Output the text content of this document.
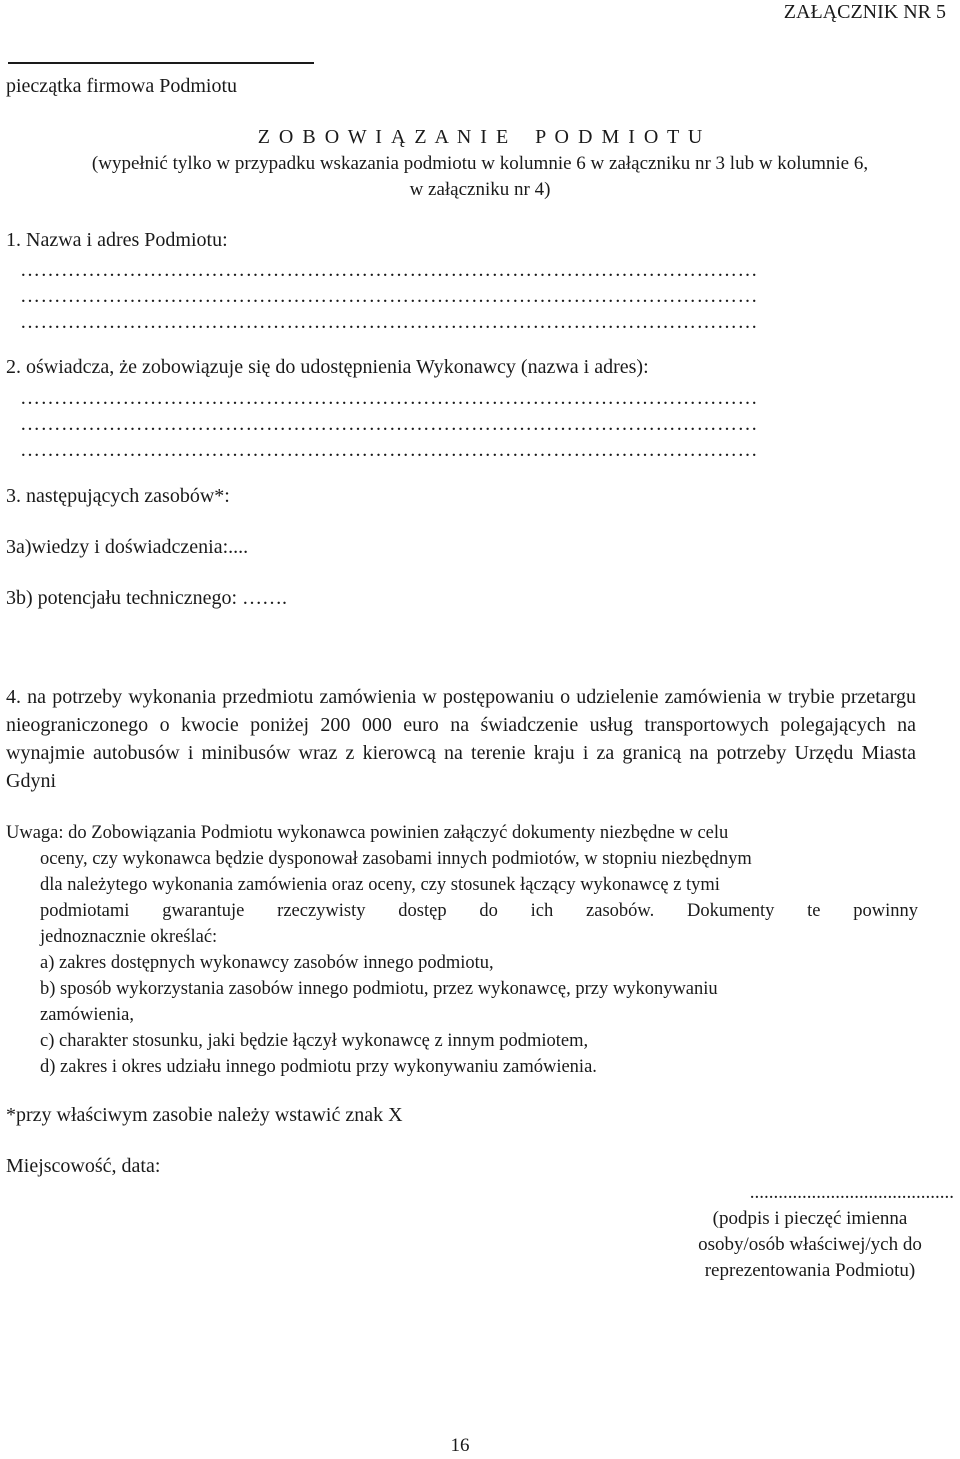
ZAŁĄCZNIK NR 5
pieczątka firmowa Podmiotu
Z O B O W I Ą Z A N I E   P O D M I O T U
(wypełnić tylko w przypadku wskazania podmiotu w kolumnie 6 w załączniku nr 3 lub w kolumnie 6,
w załączniku nr 4)
1. Nazwa i adres Podmiotu:
………………………………………………………………………………………………
………………………………………………………………………………………………
………………………………………………………………………………………………
2. oświadcza, że zobowiązuje się do udostępnienia Wykonawcy (nazwa i adres):
………………………………………………………………………………………………
………………………………………………………………………………………………
………………………………………………………………………………………………
3. następujących zasobów*:
3a)wiedzy i doświadczenia:....
3b) potencjału technicznego: …….
4. na potrzeby wykonania przedmiotu zamówienia w postępowaniu o udzielenie zamówienia w trybie przetargu nieograniczonego o kwocie poniżej 200 000 euro na świadczenie usług transportowych polegających na wynajmie autobusów i minibusów wraz z kierowcą na terenie kraju i za granicą na potrzeby Urzędu Miasta Gdyni
Uwaga: do Zobowiązania Podmiotu wykonawca powinien załączyć dokumenty niezbędne w celu
oceny, czy wykonawca będzie dysponował zasobami innych podmiotów, w stopniu niezbędnym
dla należytego wykonania zamówienia oraz oceny, czy stosunek łączący wykonawcę z tymi
podmiotami gwarantuje rzeczywisty dostęp do ich zasobów. Dokumenty te powinny
jednoznacznie określać:
a) zakres dostępnych wykonawcy zasobów innego podmiotu,
b) sposób wykorzystania zasobów innego podmiotu, przez wykonawcę, przy wykonywaniu
zamówienia,
c) charakter stosunku, jaki będzie łączył wykonawcę z innym podmiotem,
d) zakres i okres udziału innego podmiotu przy wykonywaniu zamówienia.
*przy właściwym zasobie należy wstawić znak X
Miejscowość, data:
...........................................
(podpis i pieczęć imienna
osoby/osób właściwej/ych do
reprezentowania Podmiotu)
16
